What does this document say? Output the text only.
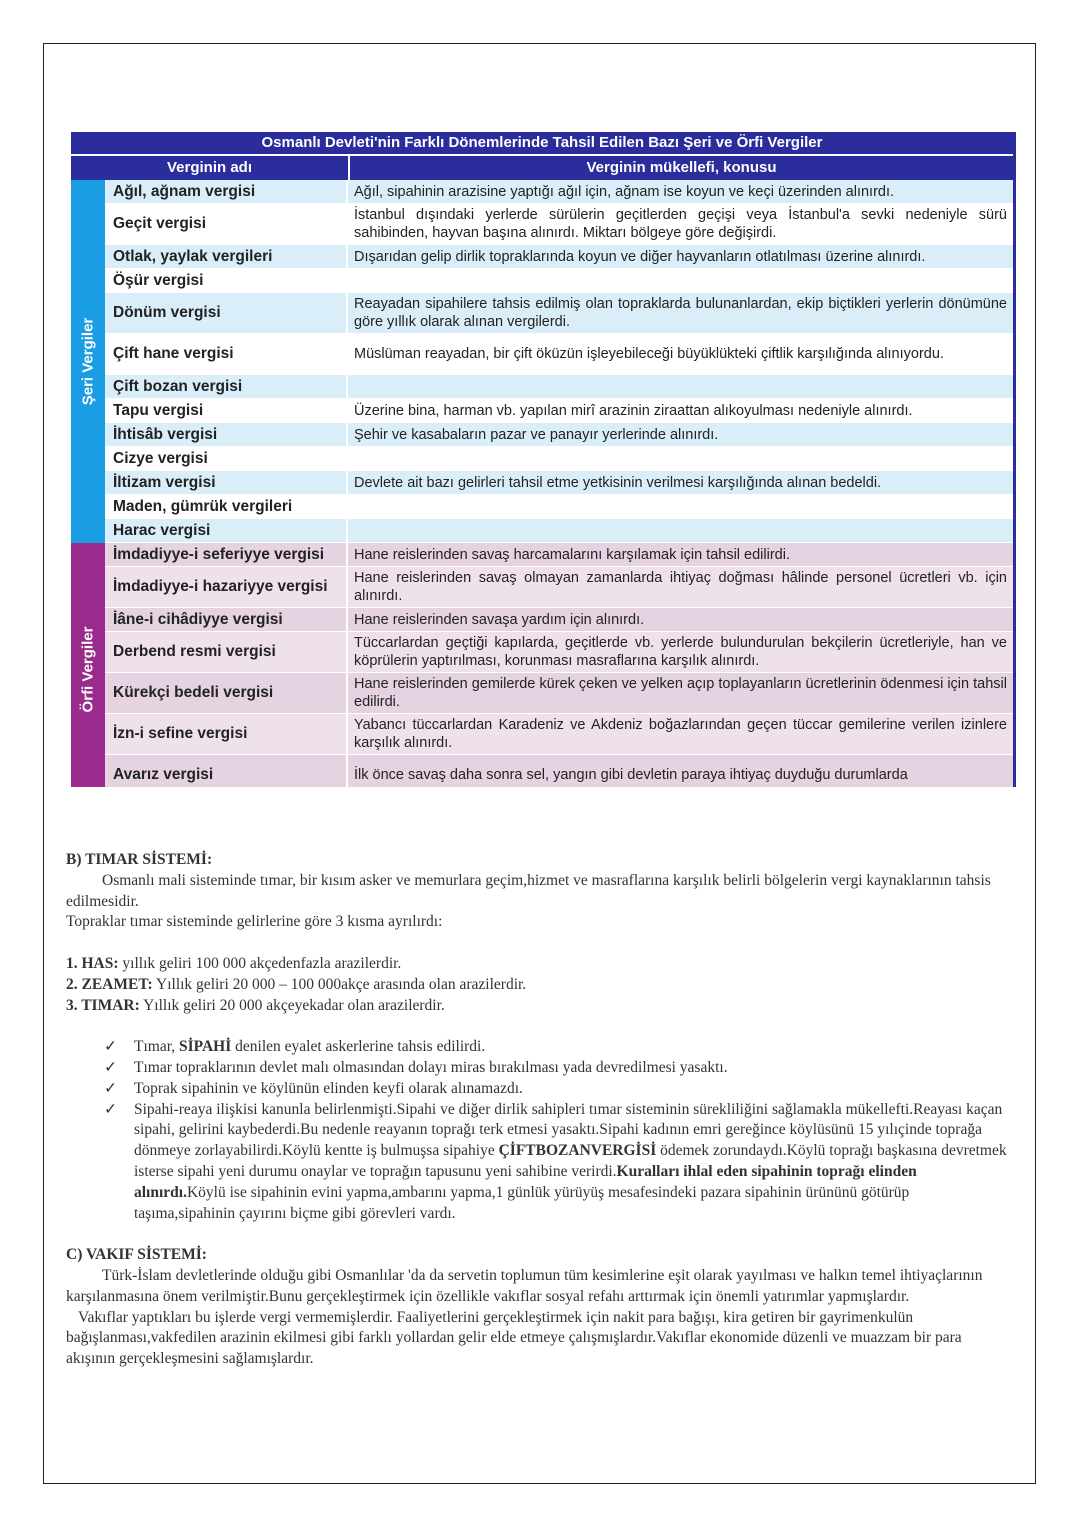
Osmanlı Devleti'nin Farklı Dönemlerinde Tahsil Edilen Bazı Şeri ve Örfi Vergiler
Verginin adı	Verginin mükellefi, konusu
Şeri Vergiler
Ağıl, ağnam vergisi	Ağıl, sipahinin arazisine yaptığı ağıl için, ağnam ise koyun ve keçi üzerinden alınırdı.
Geçit vergisi	İstanbul dışındaki yerlerde sürülerin geçitlerden geçişi veya İstanbul'a sevki nedeniyle sürü sahibinden, hayvan başına alınırdı. Miktarı bölgeye göre değişirdi.
Otlak, yaylak vergileri	Dışarıdan gelip dirlik topraklarında koyun ve diğer hayvanların otlatılması üzerine alınırdı.
Öşür vergisi
Dönüm vergisi	Reayadan sipahilere tahsis edilmiş olan topraklarda bulunanlardan, ekip biçtikleri yerlerin dönümüne göre yıllık olarak alınan vergilerdi.
Çift hane vergisi	Müslüman reayadan, bir çift öküzün işleyebileceği büyüklükteki çiftlik karşılığında alınıyordu.
Çift bozan vergisi
Tapu vergisi	Üzerine bina, harman vb. yapılan mirî arazinin ziraattan alıkoyulması nedeniyle alınırdı.
İhtisâb vergisi	Şehir ve kasabaların pazar ve panayır yerlerinde alınırdı.
Cizye vergisi
İltizam vergisi	Devlete ait bazı gelirleri tahsil etme yetkisinin verilmesi karşılığında alınan bedeldi.
Maden, gümrük vergileri
Harac vergisi
Örfi Vergiler
İmdadiyye-i seferiyye vergisi	Hane reislerinden savaş harcamalarını karşılamak için tahsil edilirdi.
İmdadiyye-i hazariyye vergisi	Hane reislerinden savaş olmayan zamanlarda ihtiyaç doğması hâlinde personel ücretleri vb. için alınırdı.
İâne-i cihâdiyye vergisi	Hane reislerinden savaşa yardım için alınırdı.
Derbend resmi vergisi	Tüccarlardan geçtiği kapılarda, geçitlerde vb. yerlerde bulundurulan bekçilerin ücretleriyle, han ve köprülerin yaptırılması, korunması masraflarına karşılık alınırdı.
Kürekçi bedeli vergisi	Hane reislerinden gemilerde kürek çeken ve yelken açıp toplayanların ücretlerinin ödenmesi için tahsil edilirdi.
İzn-i sefine vergisi	Yabancı tüccarlardan Karadeniz ve Akdeniz boğazlarından geçen tüccar gemilerine verilen izinlere karşılık alınırdı.
Avarız vergisi	İlk önce savaş daha sonra sel, yangın gibi devletin paraya ihtiyaç duyduğu durumlarda

B) TIMAR SİSTEMİ:

Osmanlı mali sisteminde tımar, bir kısım asker ve memurlara geçim,hizmet ve masraflarına karşılık belirli bölgelerin vergi kaynaklarının tahsis edilmesidir.

Topraklar tımar sisteminde gelirlerine göre 3 kısma ayrılırdı:

1. HAS: yıllık geliri 100 000 akçedenfazla arazilerdir.

2. ZEAMET: Yıllık geliri 20 000 – 100 000akçe arasında olan arazilerdir.

3. TIMAR: Yıllık geliri 20 000 akçeyekadar olan arazilerdir.

✓ Tımar, SİPAHİ denilen eyalet askerlerine tahsis edilirdi.
✓ Tımar topraklarının devlet malı olmasından dolayı miras bırakılması yada devredilmesi yasaktı.
✓ Toprak sipahinin ve köylünün elinden keyfi olarak alınamazdı.
✓ Sipahi-reaya ilişkisi kanunla belirlenmişti.Sipahi ve diğer dirlik sahipleri tımar sisteminin sürekliliğini sağlamakla mükellefti.Reayası kaçan sipahi, gelirini kaybederdi.Bu nedenle reayanın toprağı terk etmesi yasaktı.Sipahi kadının emri gereğince köylüsünü 15 yılıçinde toprağa dönmeye zorlayabilirdi.Köylü kentte iş bulmuşsa sipahiye ÇİFTBOZANVERGİSİ ödemek zorundaydı.Köylü toprağı başkasına devretmek isterse sipahi yeni durumu onaylar ve toprağın tapusunu yeni sahibine verirdi.Kuralları ihlal eden sipahinin toprağı elinden alınırdı.Köylü ise sipahinin evini yapma,ambarını yapma,1 günlük yürüyüş mesafesindeki pazara sipahinin ürününü götürüp taşıma,sipahinin çayırını biçme gibi görevleri vardı.

C) VAKIF SİSTEMİ:

Türk-İslam devletlerinde olduğu gibi Osmanlılar 'da da servetin toplumun tüm kesimlerine eşit olarak yayılması ve halkın temel ihtiyaçlarının karşılanmasına önem verilmiştir.Bunu gerçekleştirmek için özellikle vakıflar sosyal refahı arttırmak için önemli yatırımlar yapmışlardır.

Vakıflar yaptıkları bu işlerde vergi vermemişlerdir. Faaliyetlerini gerçekleştirmek için nakit para bağışı, kira getiren bir gayrimenkulün bağışlanması,vakfedilen arazinin ekilmesi gibi farklı yollardan gelir elde etmeye çalışmışlardır.Vakıflar ekonomide düzenli ve muazzam bir para akışının gerçekleşmesini sağlamışlardır.
